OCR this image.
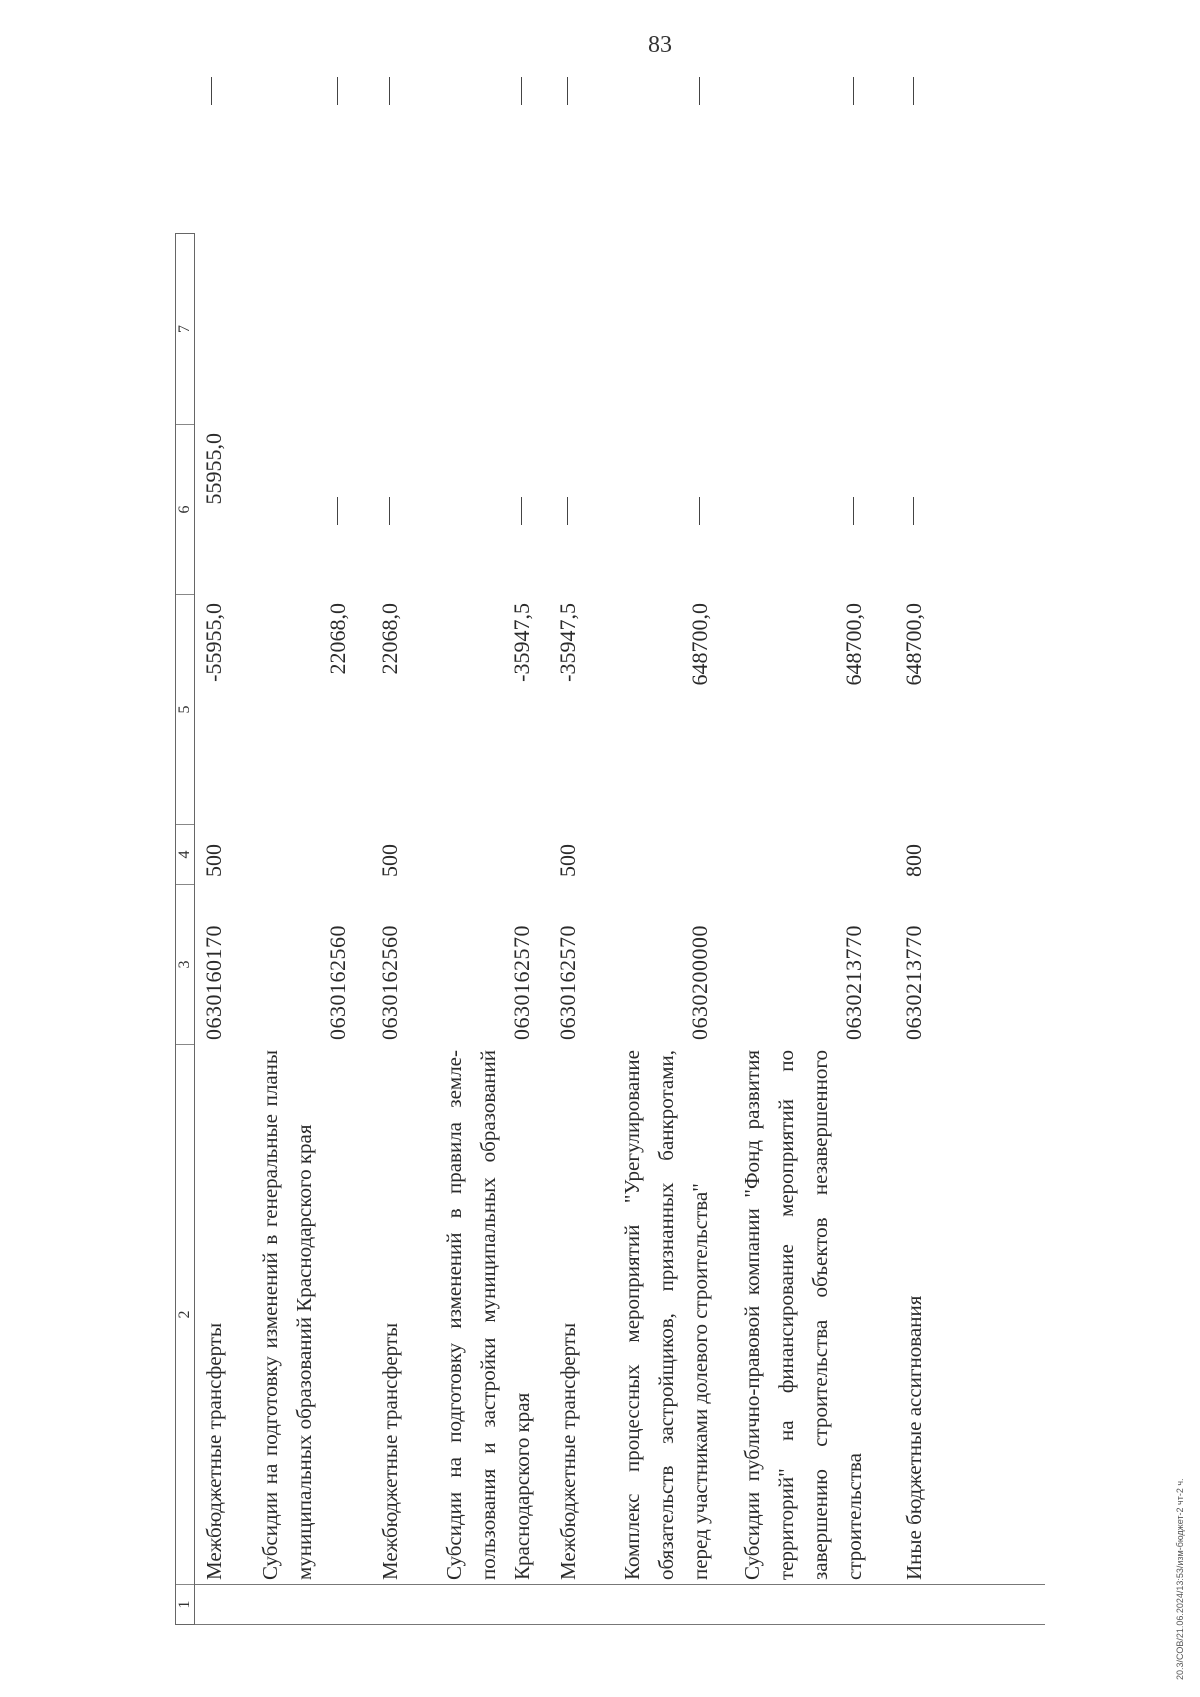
83
1
2
3
4
5
6
7
Межбюджетные трансферты
0630160170
500
-55955,0
55955,0
Субсидии на подготовку изменений в генеральные планы муниципальных образований Краснодарского края
0630162560
22068,0
Межбюджетные трансферты
0630162560
500
22068,0
Субсидии на подготовку изменений в правила земле-пользования и застройки муниципальных образований Краснодарского края
0630162570
-35947,5
Межбюджетные трансферты
0630162570
500
-35947,5
Комплекс процессных мероприятий "Урегулирование обязательств застройщиков, признанных банкротами, перед участниками долевого строительства"
0630200000
648700,0
Субсидии публично-правовой компании "Фонд развития территорий" на финансирование мероприятий по завершению строительства объектов незавершенного строительства
0630213770
648700,0
Иные бюджетные ассигнования
0630213770
800
648700,0
20.3/СОВ/21.06.2024/13:53/изм-бюджет-2 чт-2 ч.
